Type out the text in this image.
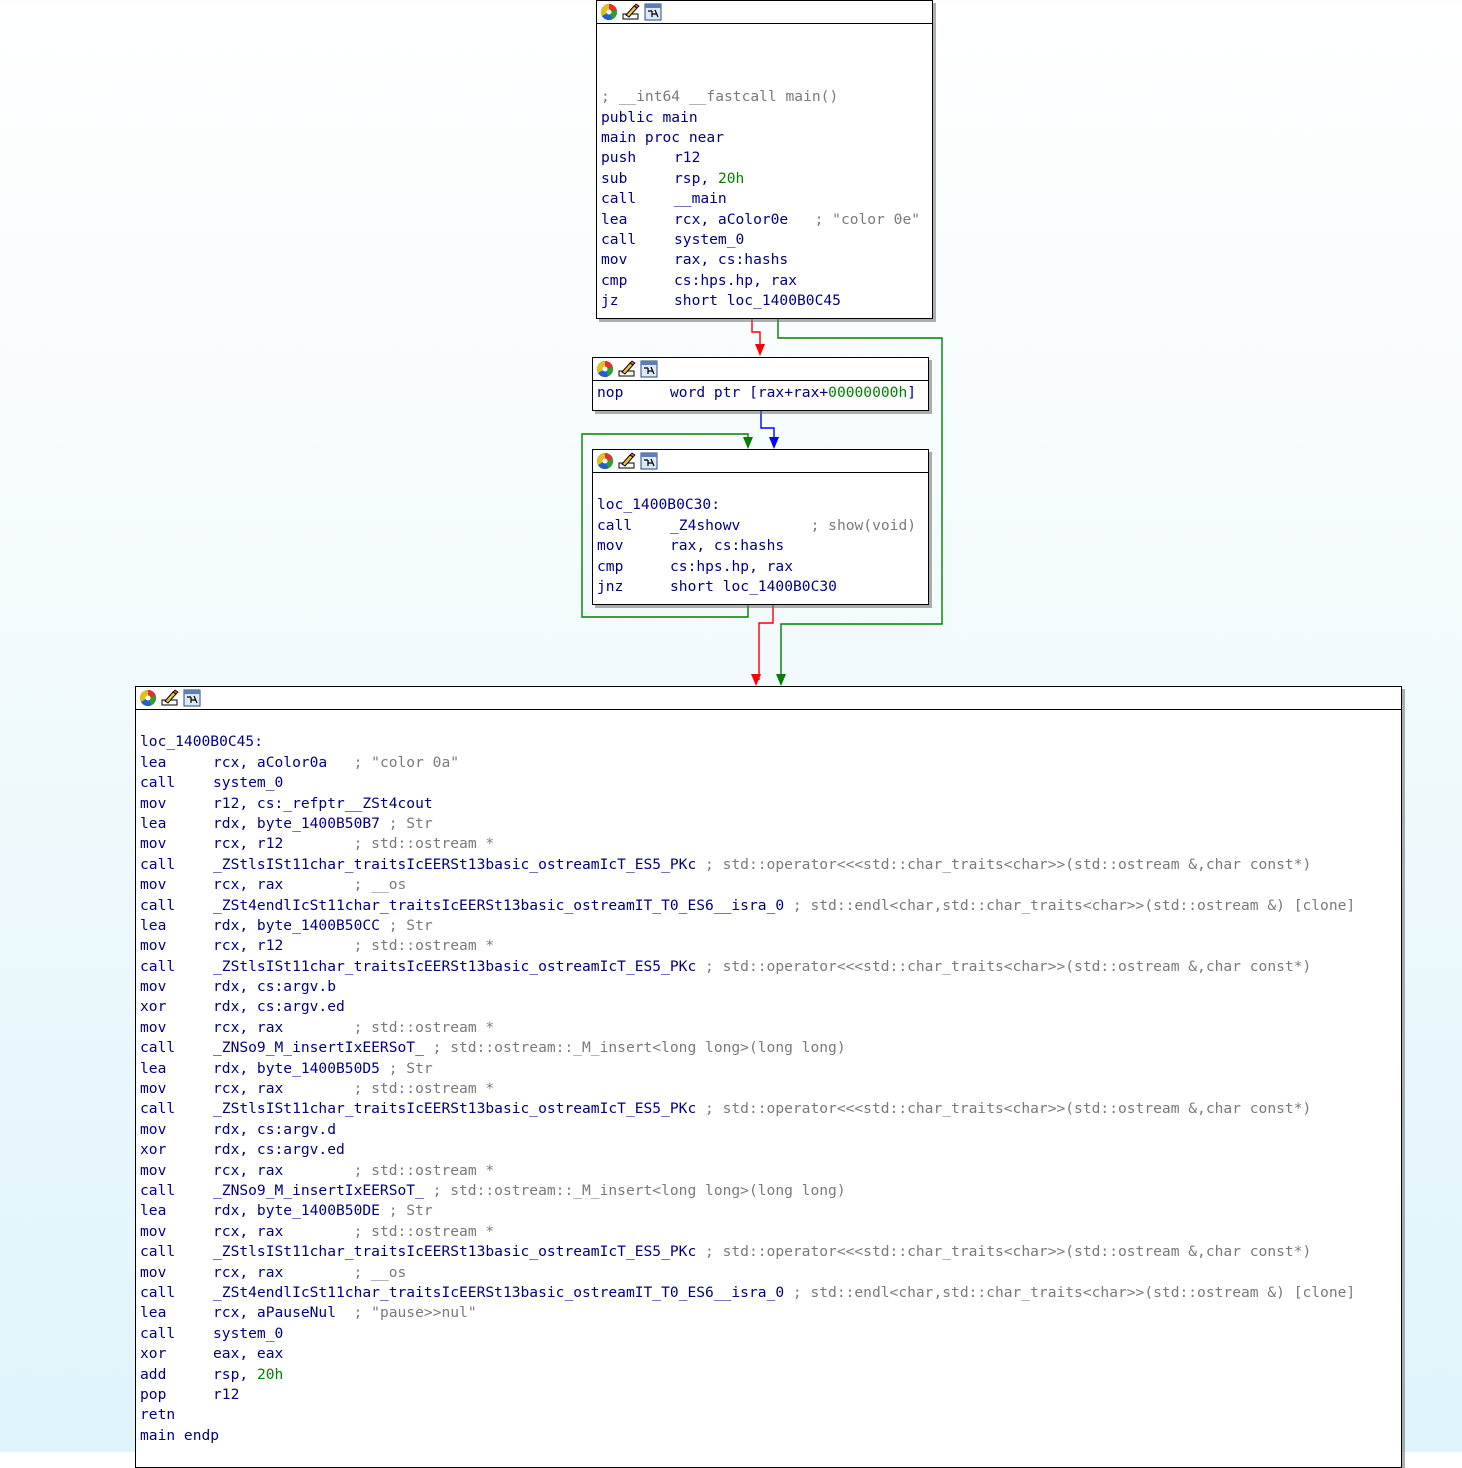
; __int64 __fastcall main()
public main
main proc near
push	r12
sub	rsp, 20h
call	__main
lea	rcx, aColor0e   ; "color 0e"
call	system_0
mov	rax, cs:hashs
cmp	cs:hps.hp, rax
jz	short loc_1400B0C45
nop	word ptr [rax+rax+00000000h]
loc_1400B0C30:
call	_Z4showv        ; show(void)
mov	rax, cs:hashs
cmp	cs:hps.hp, rax
jnz	short loc_1400B0C30
loc_1400B0C45:
lea	rcx, aColor0a   ; "color 0a"
call	system_0
mov	r12, cs:_refptr__ZSt4cout
lea	rdx, byte_1400B50B7 ; Str
mov	rcx, r12        ; std::ostream *
call	_ZStlsISt11char_traitsIcEERSt13basic_ostreamIcT_ES5_PKc ; std::operator<<<std::char_traits<char>>(std::ostream &,char const*)
mov	rcx, rax        ; __os
call	_ZSt4endlIcSt11char_traitsIcEERSt13basic_ostreamIT_T0_ES6__isra_0 ; std::endl<char,std::char_traits<char>>(std::ostream &) [clone]
lea	rdx, byte_1400B50CC ; Str
mov	rcx, r12        ; std::ostream *
call	_ZStlsISt11char_traitsIcEERSt13basic_ostreamIcT_ES5_PKc ; std::operator<<<std::char_traits<char>>(std::ostream &,char const*)
mov	rdx, cs:argv.b
xor	rdx, cs:argv.ed
mov	rcx, rax        ; std::ostream *
call	_ZNSo9_M_insertIxEERSoT_ ; std::ostream::_M_insert<long long>(long long)
lea	rdx, byte_1400B50D5 ; Str
mov	rcx, rax        ; std::ostream *
call	_ZStlsISt11char_traitsIcEERSt13basic_ostreamIcT_ES5_PKc ; std::operator<<<std::char_traits<char>>(std::ostream &,char const*)
mov	rdx, cs:argv.d
xor	rdx, cs:argv.ed
mov	rcx, rax        ; std::ostream *
call	_ZNSo9_M_insertIxEERSoT_ ; std::ostream::_M_insert<long long>(long long)
lea	rdx, byte_1400B50DE ; Str
mov	rcx, rax        ; std::ostream *
call	_ZStlsISt11char_traitsIcEERSt13basic_ostreamIcT_ES5_PKc ; std::operator<<<std::char_traits<char>>(std::ostream &,char const*)
mov	rcx, rax        ; __os
call	_ZSt4endlIcSt11char_traitsIcEERSt13basic_ostreamIT_T0_ES6__isra_0 ; std::endl<char,std::char_traits<char>>(std::ostream &) [clone]
lea	rcx, aPauseNul  ; "pause>>nul"
call	system_0
xor	eax, eax
add	rsp, 20h
pop	r12
retn
main endp
